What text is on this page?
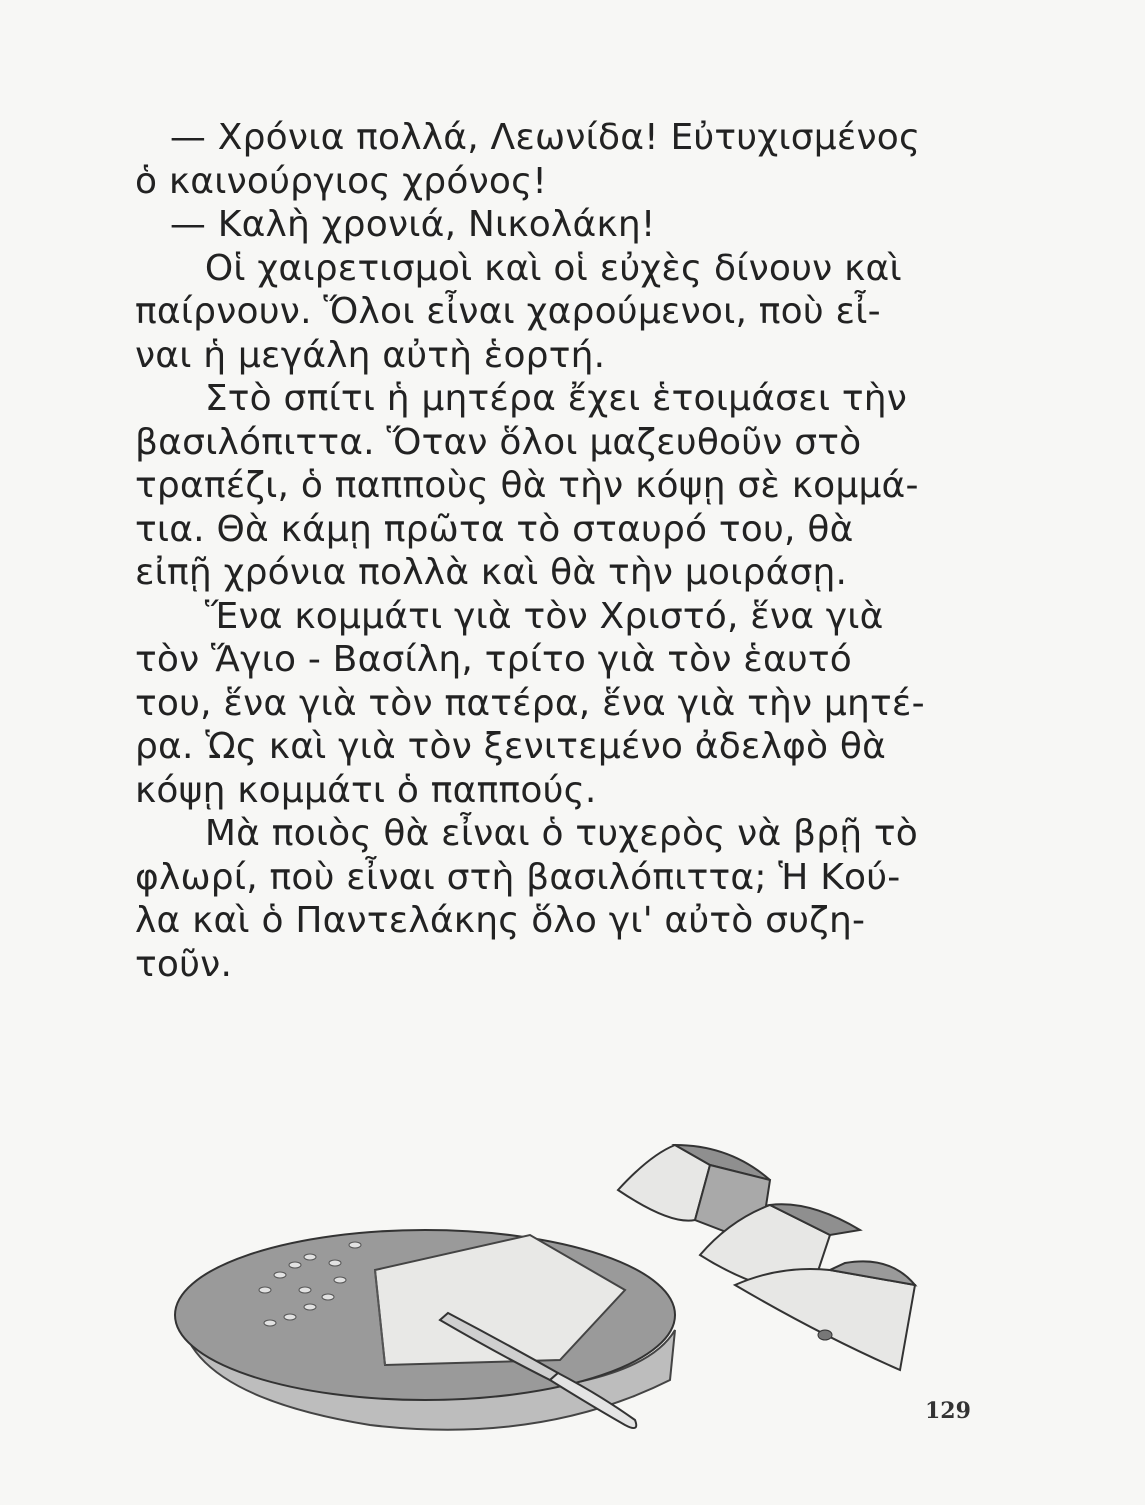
— Χρόνια πολλά, Λεωνίδα! Εὐτυχισμένος
ὁ καινούργιος χρόνος!
— Καλὴ χρονιά, Νικολάκη!
Οἱ χαιρετισμοὶ καὶ οἱ εὐχὲς δίνουν καὶ
παίρνουν. Ὅλοι εἶναι χαρούμενοι, ποὺ εἶ-
ναι ἡ μεγάλη αὐτὴ ἑορτή.
Στὸ σπίτι ἡ μητέρα ἔχει ἑτοιμάσει τὴν
βασιλόπιττα. Ὅταν ὅλοι μαζευθοῦν στὸ
τραπέζι, ὁ παπποὺς θὰ τὴν κόψῃ σὲ κομμά-
τια. Θὰ κάμῃ πρῶτα τὸ σταυρό του, θὰ
εἰπῇ χρόνια πολλὰ καὶ θὰ τὴν μοιράσῃ.
Ἕνα κομμάτι γιὰ τὸν Χριστό, ἕνα γιὰ
τὸν Ἅγιο - Βασίλη, τρίτο γιὰ τὸν ἑαυτό
του, ἕνα γιὰ τὸν πατέρα, ἕνα γιὰ τὴν μητέ-
ρα. Ὡς καὶ γιὰ τὸν ξενιτεμένο ἀδελφὸ θὰ
κόψῃ κομμάτι ὁ παππούς.
Μὰ ποιὸς θὰ εἶναι ὁ τυχερὸς νὰ βρῇ τὸ
φλωρί, ποὺ εἶναι στὴ βασιλόπιττα; Ἡ Κού-
λα καὶ ὁ Παντελάκης ὅλο γι' αὐτὸ συζη-
τοῦν.
129
